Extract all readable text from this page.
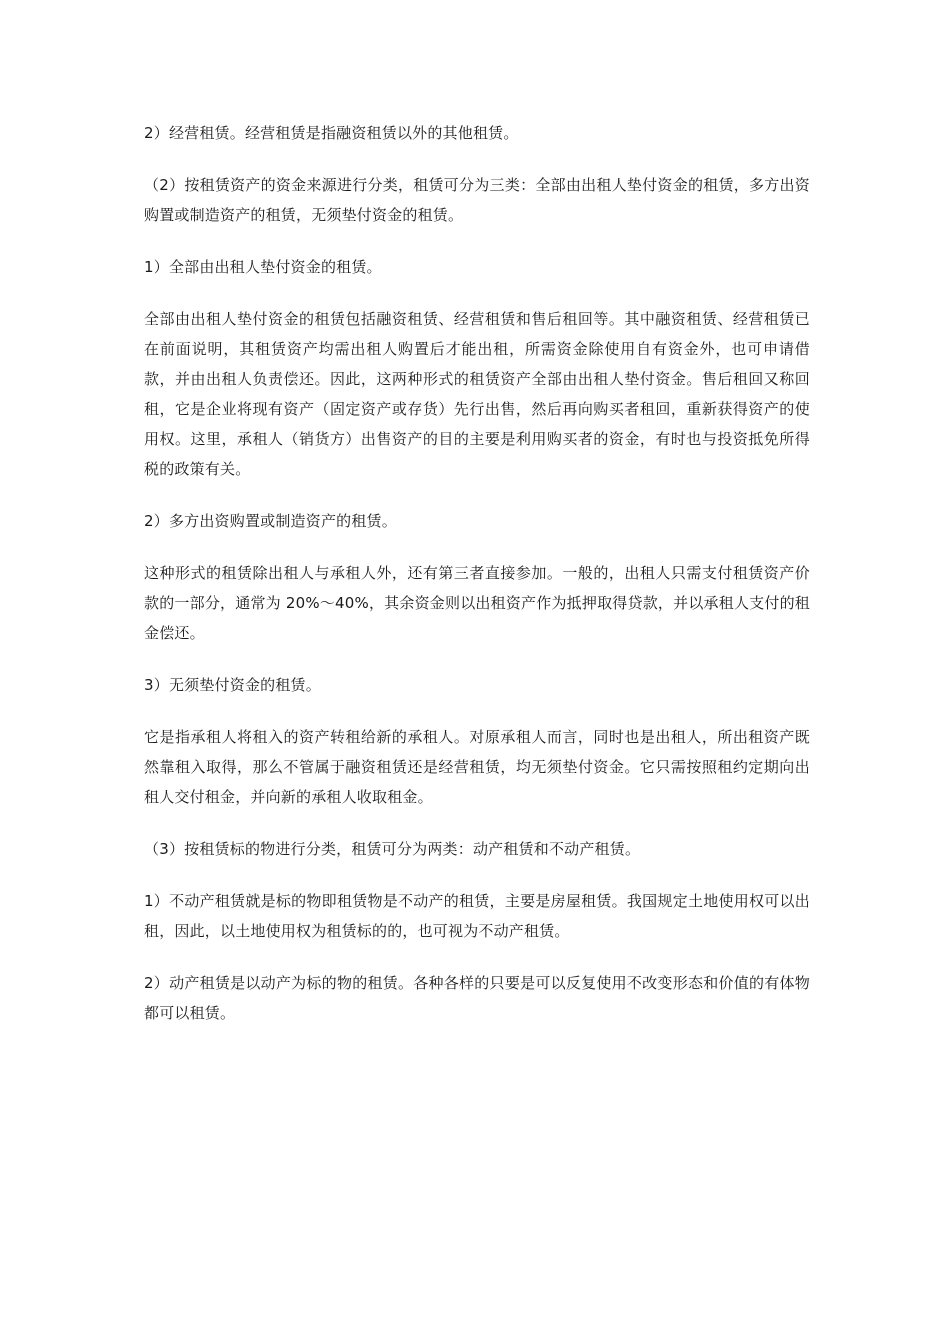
2）经营租赁。经营租赁是指融资租赁以外的其他租赁。

（2）按租赁资产的资金来源进行分类，租赁可分为三类：全部由出租人垫付资金的租赁，多方出资购置或制造资产的租赁，无须垫付资金的租赁。

1）全部由出租人垫付资金的租赁。

全部由出租人垫付资金的租赁包括融资租赁、经营租赁和售后租回等。其中融资租赁、经营租赁已在前面说明，其租赁资产均需出租人购置后才能出租，所需资金除使用自有资金外，也可申请借款，并由出租人负责偿还。因此，这两种形式的租赁资产全部由出租人垫付资金。售后租回又称回租，它是企业将现有资产（固定资产或存货）先行出售，然后再向购买者租回，重新获得资产的使用权。这里，承租人（销货方）出售资产的目的主要是利用购买者的资金，有时也与投资抵免所得税的政策有关。

2）多方出资购置或制造资产的租赁。

这种形式的租赁除出租人与承租人外，还有第三者直接参加。一般的，出租人只需支付租赁资产价款的一部分，通常为 20%～40%，其余资金则以出租资产作为抵押取得贷款，并以承租人支付的租金偿还。

3）无须垫付资金的租赁。

它是指承租人将租入的资产转租给新的承租人。对原承租人而言，同时也是出租人，所出租资产既然靠租入取得，那么不管属于融资租赁还是经营租赁，均无须垫付资金。它只需按照租约定期向出租人交付租金，并向新的承租人收取租金。

（3）按租赁标的物进行分类，租赁可分为两类：动产租赁和不动产租赁。

1）不动产租赁就是标的物即租赁物是不动产的租赁，主要是房屋租赁。我国规定土地使用权可以出租，因此，以土地使用权为租赁标的的，也可视为不动产租赁。

2）动产租赁是以动产为标的物的租赁。各种各样的只要是可以反复使用不改变形态和价值的有体物都可以租赁。
